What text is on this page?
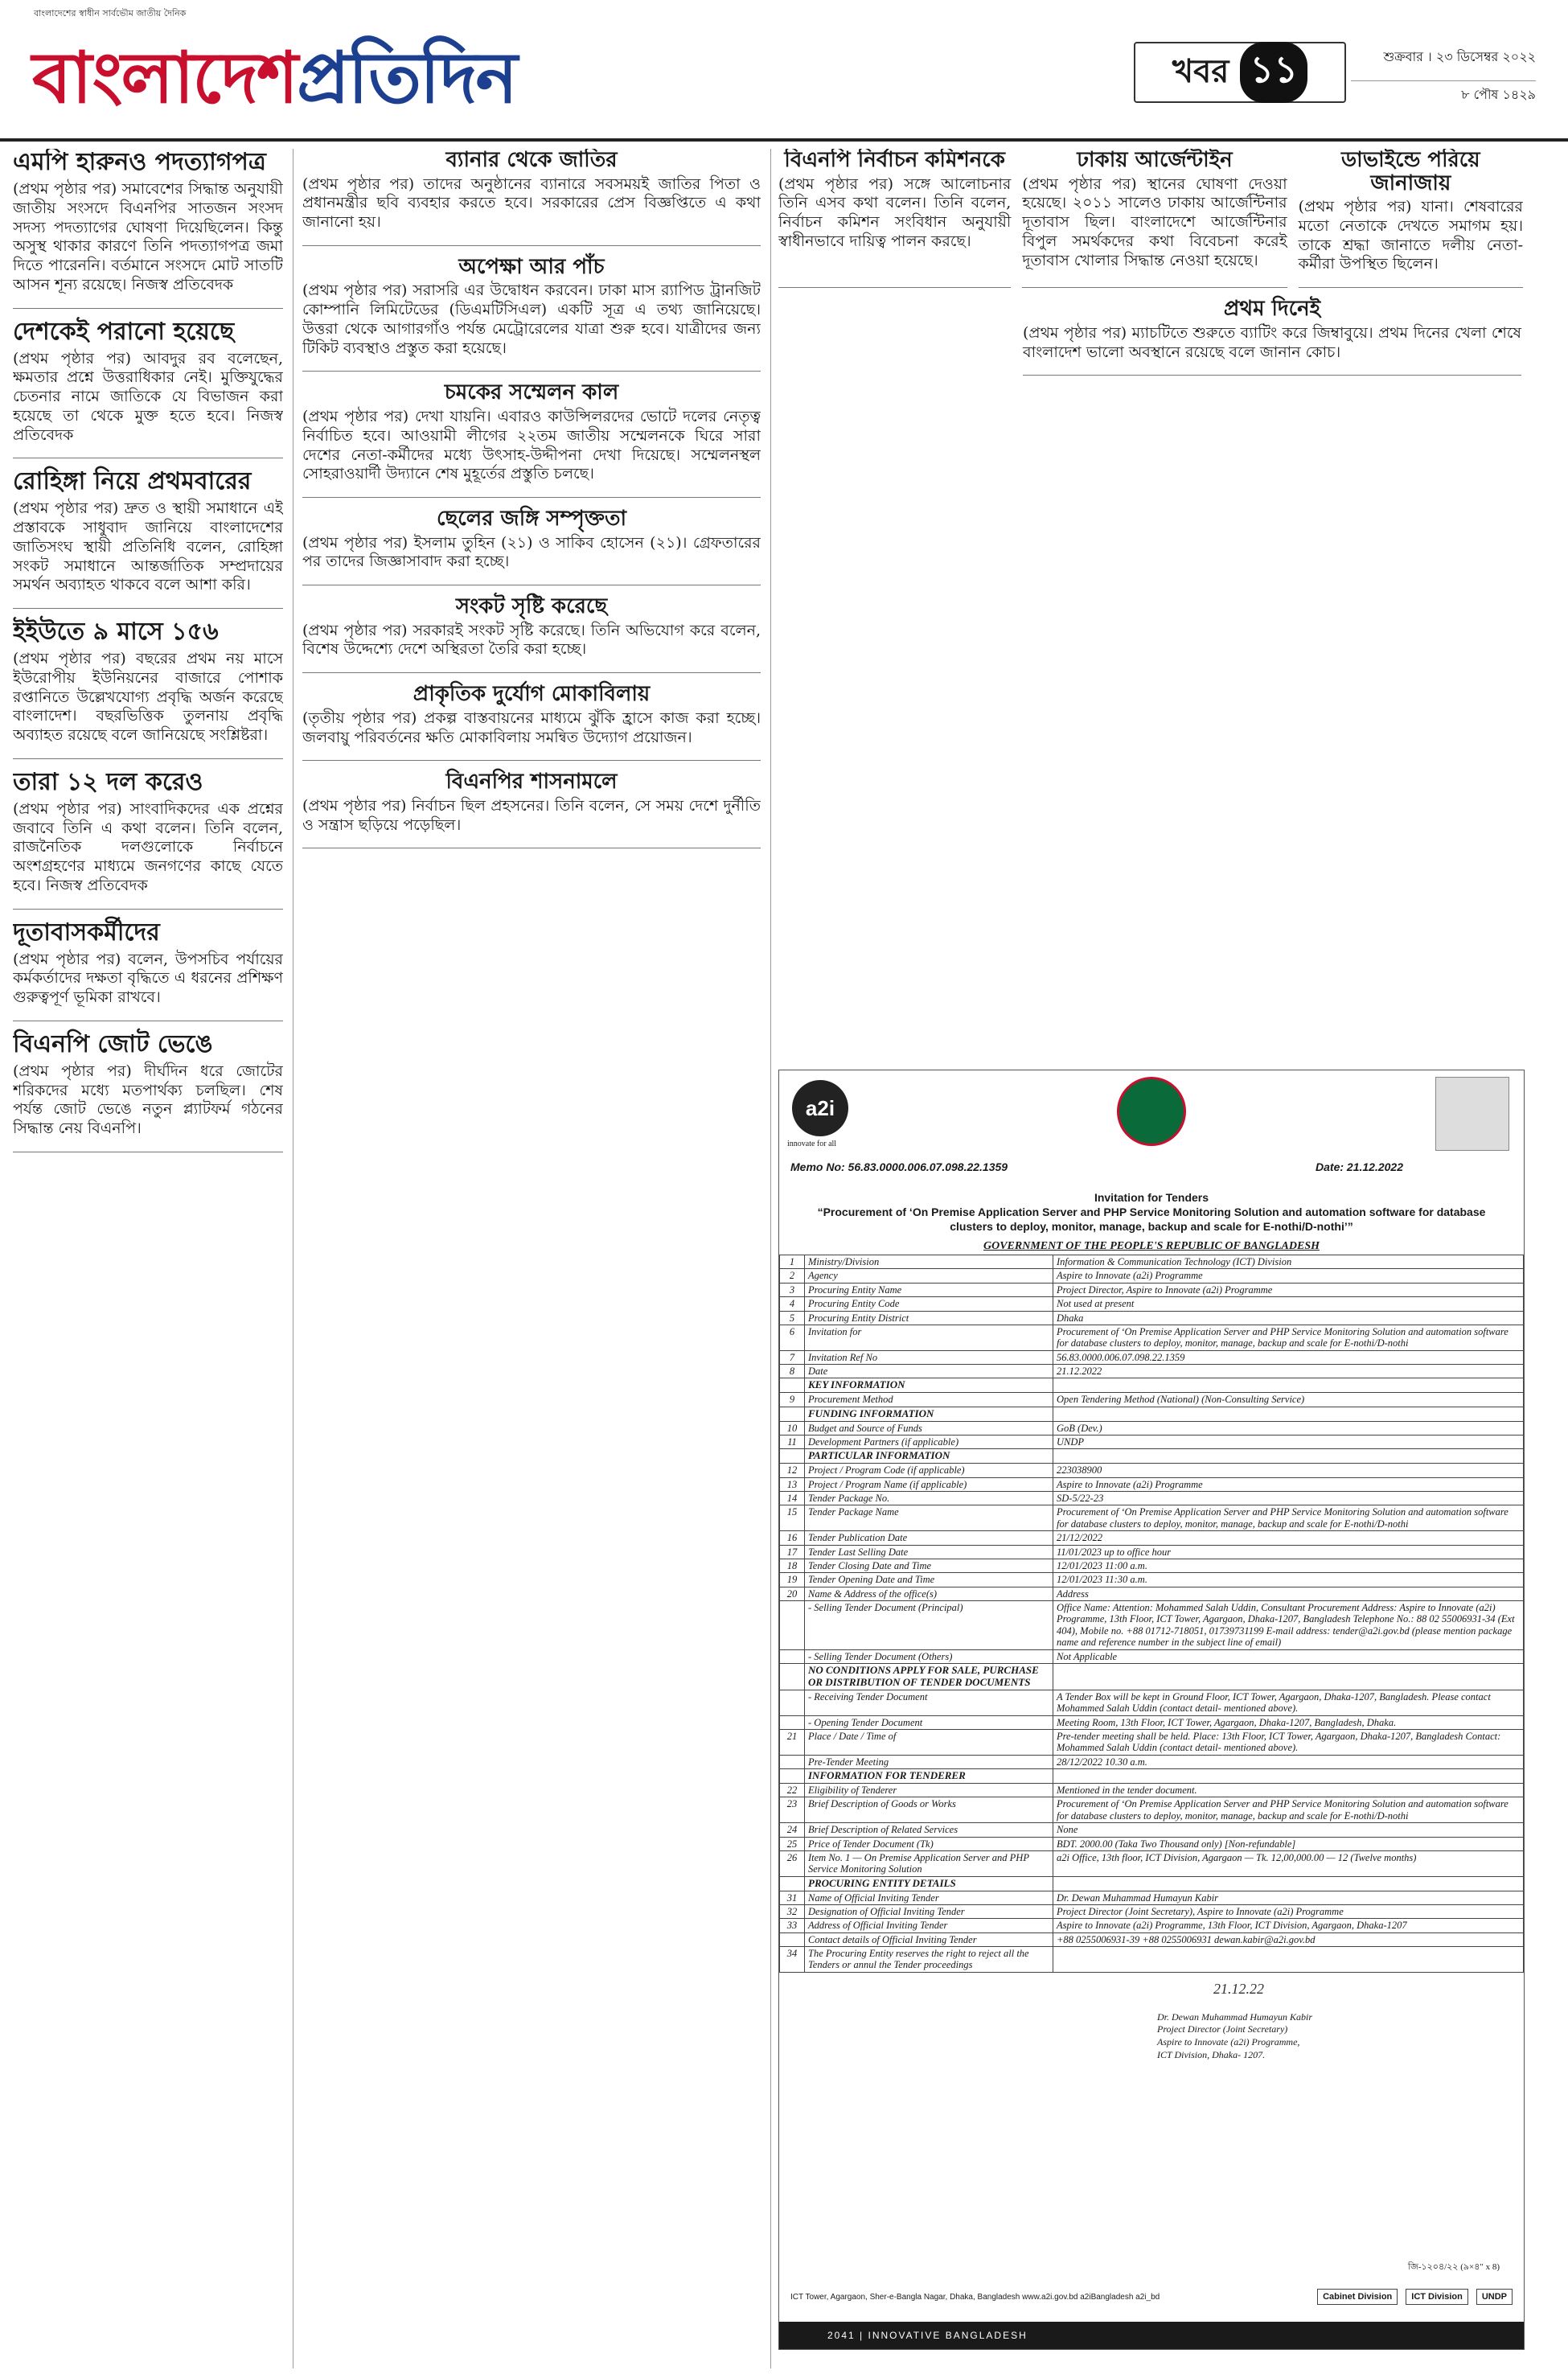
বাংলাদেশের স্বাধীন সার্বভৌম জাতীয় দৈনিক
বাংলাদেশপ্রতিদিন	খবর ১১	শুক্রবার । ২৩ ডিসেম্বর ২০২২
৮ পৌষ ১৪২৯
এমপি হারুনও পদত্যাগপত্র

(প্রথম পৃষ্ঠার পর) সমাবেশের সিদ্ধান্ত অনুযায়ী জাতীয় সংসদে বিএনপির সাতজন সংসদ সদস্য পদত্যাগের ঘোষণা দিয়েছিলেন। কিন্তু অসুস্থ থাকার কারণে তিনি পদত্যাগপত্র জমা দিতে পারেননি। বর্তমানে সংসদে মোট সাতটি আসন শূন্য রয়েছে। নিজস্ব প্রতিবেদক

দেশকেই পরানো হয়েছে

(প্রথম পৃষ্ঠার পর) আবদুর রব বলেছেন, ক্ষমতার প্রশ্নে উত্তরাধিকার নেই। মুক্তিযুদ্ধের চেতনার নামে জাতিকে যে বিভাজন করা হয়েছে তা থেকে মুক্ত হতে হবে। নিজস্ব প্রতিবেদক

রোহিঙ্গা নিয়ে প্রথমবারের

(প্রথম পৃষ্ঠার পর) দ্রুত ও স্থায়ী সমাধানে এই প্রস্তাবকে সাধুবাদ জানিয়ে বাংলাদেশের জাতিসংঘ স্থায়ী প্রতিনিধি বলেন, রোহিঙ্গা সংকট সমাধানে আন্তর্জাতিক সম্প্রদায়ের সমর্থন অব্যাহত থাকবে বলে আশা করি।

ইইউতে ৯ মাসে ১৫৬

(প্রথম পৃষ্ঠার পর) বছরের প্রথম নয় মাসে ইউরোপীয় ইউনিয়নের বাজারে পোশাক রপ্তানিতে উল্লেখযোগ্য প্রবৃদ্ধি অর্জন করেছে বাংলাদেশ। বছরভিত্তিক তুলনায় প্রবৃদ্ধি অব্যাহত রয়েছে বলে জানিয়েছে সংশ্লিষ্টরা।

তারা ১২ দল করেও

(প্রথম পৃষ্ঠার পর) সাংবাদিকদের এক প্রশ্নের জবাবে তিনি এ কথা বলেন। তিনি বলেন, রাজনৈতিক দলগুলোকে নির্বাচনে অংশগ্রহণের মাধ্যমে জনগণের কাছে যেতে হবে। নিজস্ব প্রতিবেদক

দূতাবাসকর্মীদের

(প্রথম পৃষ্ঠার পর) বলেন, উপসচিব পর্যায়ের কর্মকর্তাদের দক্ষতা বৃদ্ধিতে এ ধরনের প্রশিক্ষণ গুরুত্বপূর্ণ ভূমিকা রাখবে।

বিএনপি জোট ভেঙে

(প্রথম পৃষ্ঠার পর) দীর্ঘদিন ধরে জোটের শরিকদের মধ্যে মতপার্থক্য চলছিল। শেষ পর্যন্ত জোট ভেঙে নতুন প্ল্যাটফর্ম গঠনের সিদ্ধান্ত নেয় বিএনপি।

ব্যানার থেকে জাতির

(প্রথম পৃষ্ঠার পর) তাদের অনুষ্ঠানের ব্যানারে সবসময়ই জাতির পিতা ও প্রধানমন্ত্রীর ছবি ব্যবহার করতে হবে। সরকারের প্রেস বিজ্ঞপ্তিতে এ কথা জানানো হয়।

অপেক্ষা আর পাঁচ

(প্রথম পৃষ্ঠার পর) সরাসরি এর উদ্বোধন করবেন। ঢাকা মাস র‍্যাপিড ট্রানজিট কোম্পানি লিমিটেডের (ডিএমটিসিএল) একটি সূত্র এ তথ্য জানিয়েছে। উত্তরা থেকে আগারগাঁও পর্যন্ত মেট্রোরেলের যাত্রা শুরু হবে। যাত্রীদের জন্য টিকিট ব্যবস্থাও প্রস্তুত করা হয়েছে।

চমকের সম্মেলন কাল

(প্রথম পৃষ্ঠার পর) দেখা যায়নি। এবারও কাউন্সিলরদের ভোটে দলের নেতৃত্ব নির্বাচিত হবে। আওয়ামী লীগের ২২তম জাতীয় সম্মেলনকে ঘিরে সারা দেশের নেতা-কর্মীদের মধ্যে উৎসাহ-উদ্দীপনা দেখা দিয়েছে। সম্মেলনস্থল সোহরাওয়ার্দী উদ্যানে শেষ মুহূর্তের প্রস্তুতি চলছে।

ছেলের জঙ্গি সম্পৃক্ততা

(প্রথম পৃষ্ঠার পর) ইসলাম তুহিন (২১) ও সাকিব হোসেন (২১)। গ্রেফতারের পর তাদের জিজ্ঞাসাবাদ করা হচ্ছে।

সংকট সৃষ্টি করেছে

(প্রথম পৃষ্ঠার পর) সরকারই সংকট সৃষ্টি করেছে। তিনি অভিযোগ করে বলেন, বিশেষ উদ্দেশ্যে দেশে অস্থিরতা তৈরি করা হচ্ছে।

প্রাকৃতিক দুর্যোগ মোকাবিলায়

(তৃতীয় পৃষ্ঠার পর) প্রকল্প বাস্তবায়নের মাধ্যমে ঝুঁকি হ্রাসে কাজ করা হচ্ছে। জলবায়ু পরিবর্তনের ক্ষতি মোকাবিলায় সমন্বিত উদ্যোগ প্রয়োজন।

বিএনপির শাসনামলে

(প্রথম পৃষ্ঠার পর) নির্বাচন ছিল প্রহসনের। তিনি বলেন, সে সময় দেশে দুর্নীতি ও সন্ত্রাস ছড়িয়ে পড়েছিল।

বিএনপি নির্বাচন কমিশনকে

(প্রথম পৃষ্ঠার পর) সঙ্গে আলোচনার তিনি এসব কথা বলেন। তিনি বলেন, নির্বাচন কমিশন সংবিধান অনুযায়ী স্বাধীনভাবে দায়িত্ব পালন করছে।

ঢাকায় আর্জেন্টাইন

(প্রথম পৃষ্ঠার পর) স্থানের ঘোষণা দেওয়া হয়েছে। ২০১১ সালেও ঢাকায় আর্জেন্টিনার দূতাবাস ছিল। বাংলাদেশে আর্জেন্টিনার বিপুল সমর্থকদের কথা বিবেচনা করেই দূতাবাস খোলার সিদ্ধান্ত নেওয়া হয়েছে।

ডাভাইন্ডে পরিয়ে জানাজায়

(প্রথম পৃষ্ঠার পর) যানা। শেষবারের মতো নেতাকে দেখতে সমাগম হয়। তাকে শ্রদ্ধা জানাতে দলীয় নেতা-কর্মীরা উপস্থিত ছিলেন।

প্রথম দিনেই

(প্রথম পৃষ্ঠার পর) ম্যাচটিতে শুরুতে ব্যাটিং করে জিম্বাবুয়ে। প্রথম দিনের খেলা শেষে বাংলাদেশ ভালো অবস্থানে রয়েছে বলে জানান কোচ।

a2i
innovate for all
Memo No: 56.83.0000.006.07.098.22.1359	Date: 21.12.2022
Invitation for Tenders
“Procurement of ‘On Premise Application Server and PHP Service Monitoring Solution and automation software for database clusters to deploy, monitor, manage, backup and scale for E-nothi/D-nothi’”
GOVERNMENT OF THE PEOPLE'S REPUBLIC OF BANGLADESH
1	Ministry/Division	Information & Communication Technology (ICT) Division
2	Agency	Aspire to Innovate (a2i) Programme
3	Procuring Entity Name	Project Director, Aspire to Innovate (a2i) Programme
4	Procuring Entity Code	Not used at present
5	Procuring Entity District	Dhaka
6	Invitation for	Procurement of ‘On Premise Application Server and PHP Service Monitoring Solution and automation software for database clusters to deploy, monitor, manage, backup and scale for E-nothi/D-nothi
7	Invitation Ref No	56.83.0000.006.07.098.22.1359
8	Date	21.12.2022
	KEY INFORMATION	
9	Procurement Method	Open Tendering Method (National) (Non-Consulting Service)
	FUNDING INFORMATION	
10	Budget and Source of Funds	GoB (Dev.)
11	Development Partners (if applicable)	UNDP
	PARTICULAR INFORMATION	
12	Project / Program Code (if applicable)	223038900
13	Project / Program Name (if applicable)	Aspire to Innovate (a2i) Programme
14	Tender Package No.	SD-5/22-23
15	Tender Package Name	Procurement of ‘On Premise Application Server and PHP Service Monitoring Solution and automation software for database clusters to deploy, monitor, manage, backup and scale for E-nothi/D-nothi
16	Tender Publication Date	21/12/2022
17	Tender Last Selling Date	11/01/2023 up to office hour
18	Tender Closing Date and Time	12/01/2023 11:00 a.m.
19	Tender Opening Date and Time	12/01/2023 11:30 a.m.
20	Name & Address of the office(s)	Address
	- Selling Tender Document (Principal)	Office Name: Attention: Mohammed Salah Uddin, Consultant Procurement Address: Aspire to Innovate (a2i) Programme, 13th Floor, ICT Tower, Agargaon, Dhaka-1207, Bangladesh Telephone No.: 88 02 55006931-34 (Ext 404), Mobile no. +88 01712-718051, 01739731199 E-mail address: tender@a2i.gov.bd (please mention package name and reference number in the subject line of email)
	- Selling Tender Document (Others)	Not Applicable
	NO CONDITIONS APPLY FOR SALE, PURCHASE OR DISTRIBUTION OF TENDER DOCUMENTS	
	- Receiving Tender Document	A Tender Box will be kept in Ground Floor, ICT Tower, Agargaon, Dhaka-1207, Bangladesh. Please contact Mohammed Salah Uddin (contact detail- mentioned above).
	- Opening Tender Document	Meeting Room, 13th Floor, ICT Tower, Agargaon, Dhaka-1207, Bangladesh, Dhaka.
21	Place / Date / Time of	Pre-tender meeting shall be held. Place: 13th Floor, ICT Tower, Agargaon, Dhaka-1207, Bangladesh Contact: Mohammed Salah Uddin (contact detail- mentioned above).
	Pre-Tender Meeting	28/12/2022 10.30 a.m.
	INFORMATION FOR TENDERER	
22	Eligibility of Tenderer	Mentioned in the tender document.
23	Brief Description of Goods or Works	Procurement of ‘On Premise Application Server and PHP Service Monitoring Solution and automation software for database clusters to deploy, monitor, manage, backup and scale for E-nothi/D-nothi
24	Brief Description of Related Services	None
25	Price of Tender Document (Tk)	BDT. 2000.00 (Taka Two Thousand only) [Non-refundable]
26	Item No. 1 — On Premise Application Server and PHP Service Monitoring Solution	a2i Office, 13th floor, ICT Division, Agargaon — Tk. 12,00,000.00 — 12 (Twelve months)
	PROCURING ENTITY DETAILS	
31	Name of Official Inviting Tender	Dr. Dewan Muhammad Humayun Kabir
32	Designation of Official Inviting Tender	Project Director (Joint Secretary), Aspire to Innovate (a2i) Programme
33	Address of Official Inviting Tender	Aspire to Innovate (a2i) Programme, 13th Floor, ICT Division, Agargaon, Dhaka-1207
	Contact details of Official Inviting Tender	+88 0255006931-39 +88 0255006931 dewan.kabir@a2i.gov.bd
34	The Procuring Entity reserves the right to reject all the Tenders or annul the Tender proceedings	
21.12.22
Dr. Dewan Muhammad Humayun Kabir
Project Director (Joint Secretary)
Aspire to Innovate (a2i) Programme,
ICT Division, Dhaka- 1207.
জি-১২০৪/২২ (৯×৪" x 8)
ICT Tower, Agargaon, Sher-e-Bangla Nagar, Dhaka, Bangladesh www.a2i.gov.bd a2iBangladesh a2i_bd	Cabinet Division	ICT Division	UNDP
2041 | INNOVATIVE BANGLADESH
